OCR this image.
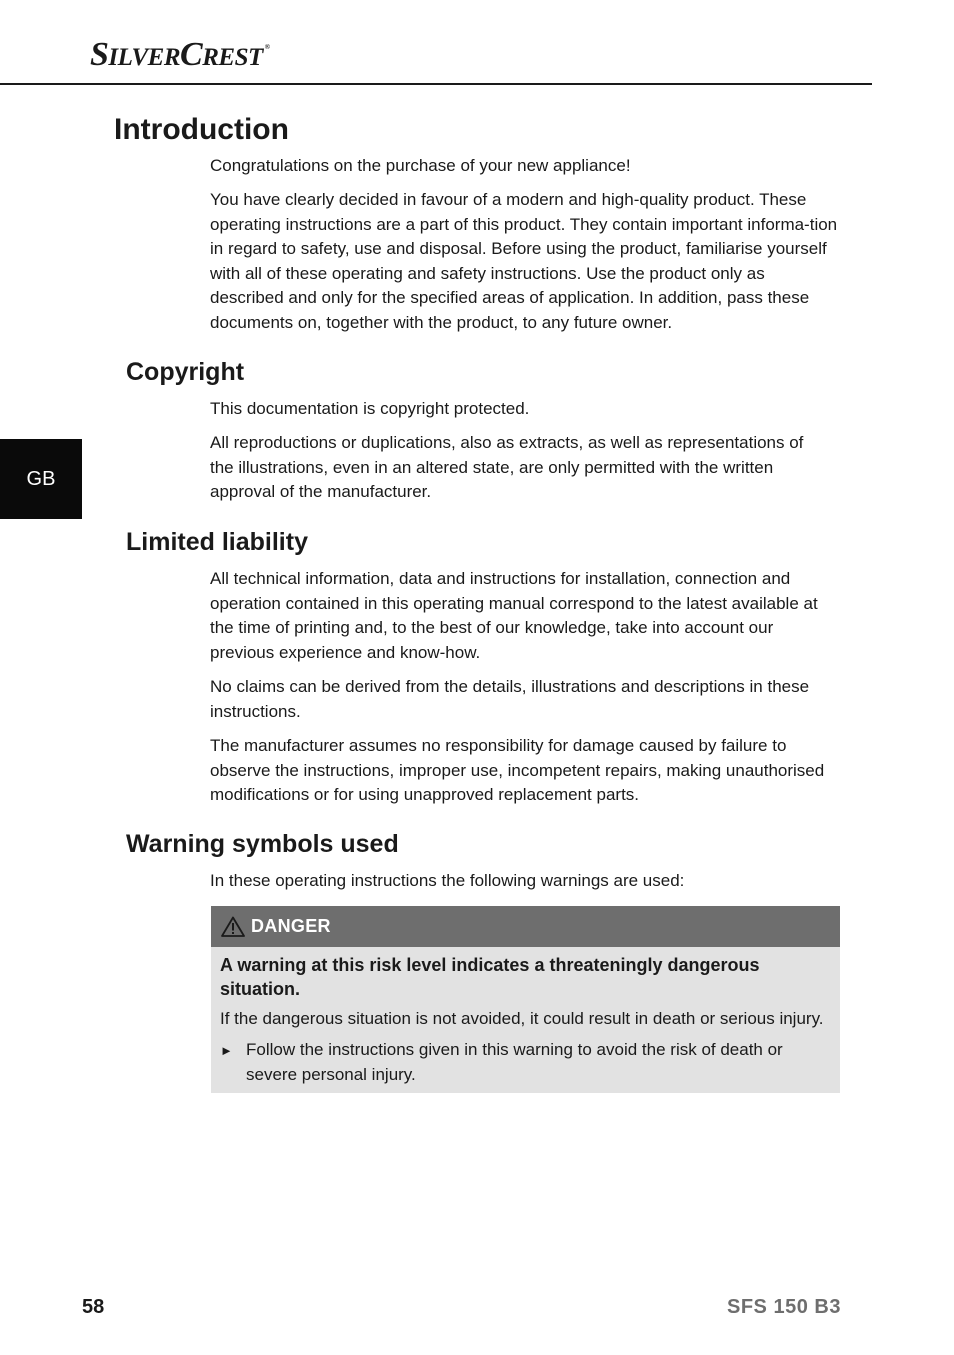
SILVERCREST ®
GB
Introduction

Congratulations on the purchase of your new appliance!

You have clearly decided in favour of a modern and high-quality product. These operating instructions are a part of this product. They contain important informa-tion in regard to safety, use and disposal. Before using the product, familiarise yourself with all of these operating and safety instructions. Use the product only as described and only for the specified areas of application. In addition, pass these documents on, together with the product, to any future owner.

Copyright

This documentation is copyright protected.

All reproductions or duplications, also as extracts, as well as representations of the illustrations, even in an altered state, are only permitted with the written approval of the manufacturer.

Limited liability

All technical information, data and instructions for installation, connection and operation contained in this operating manual correspond to the latest available at the time of printing and, to the best of our knowledge, take into account our previous experience and know-how.

No claims can be derived from the details, illustrations and descriptions in these instructions.

The manufacturer assumes no responsibility for damage caused by failure to observe the instructions, improper use, incompetent repairs, making unauthorised modifications or for using unapproved replacement parts.

Warning symbols used

In these operating instructions the following warnings are used:

DANGER

A warning at this risk level indicates a threateningly dangerous situation.

If the dangerous situation is not avoided, it could result in death or serious injury.

► Follow the instructions given in this warning to avoid the risk of death or severe personal injury.
58	SFS 150 B3
